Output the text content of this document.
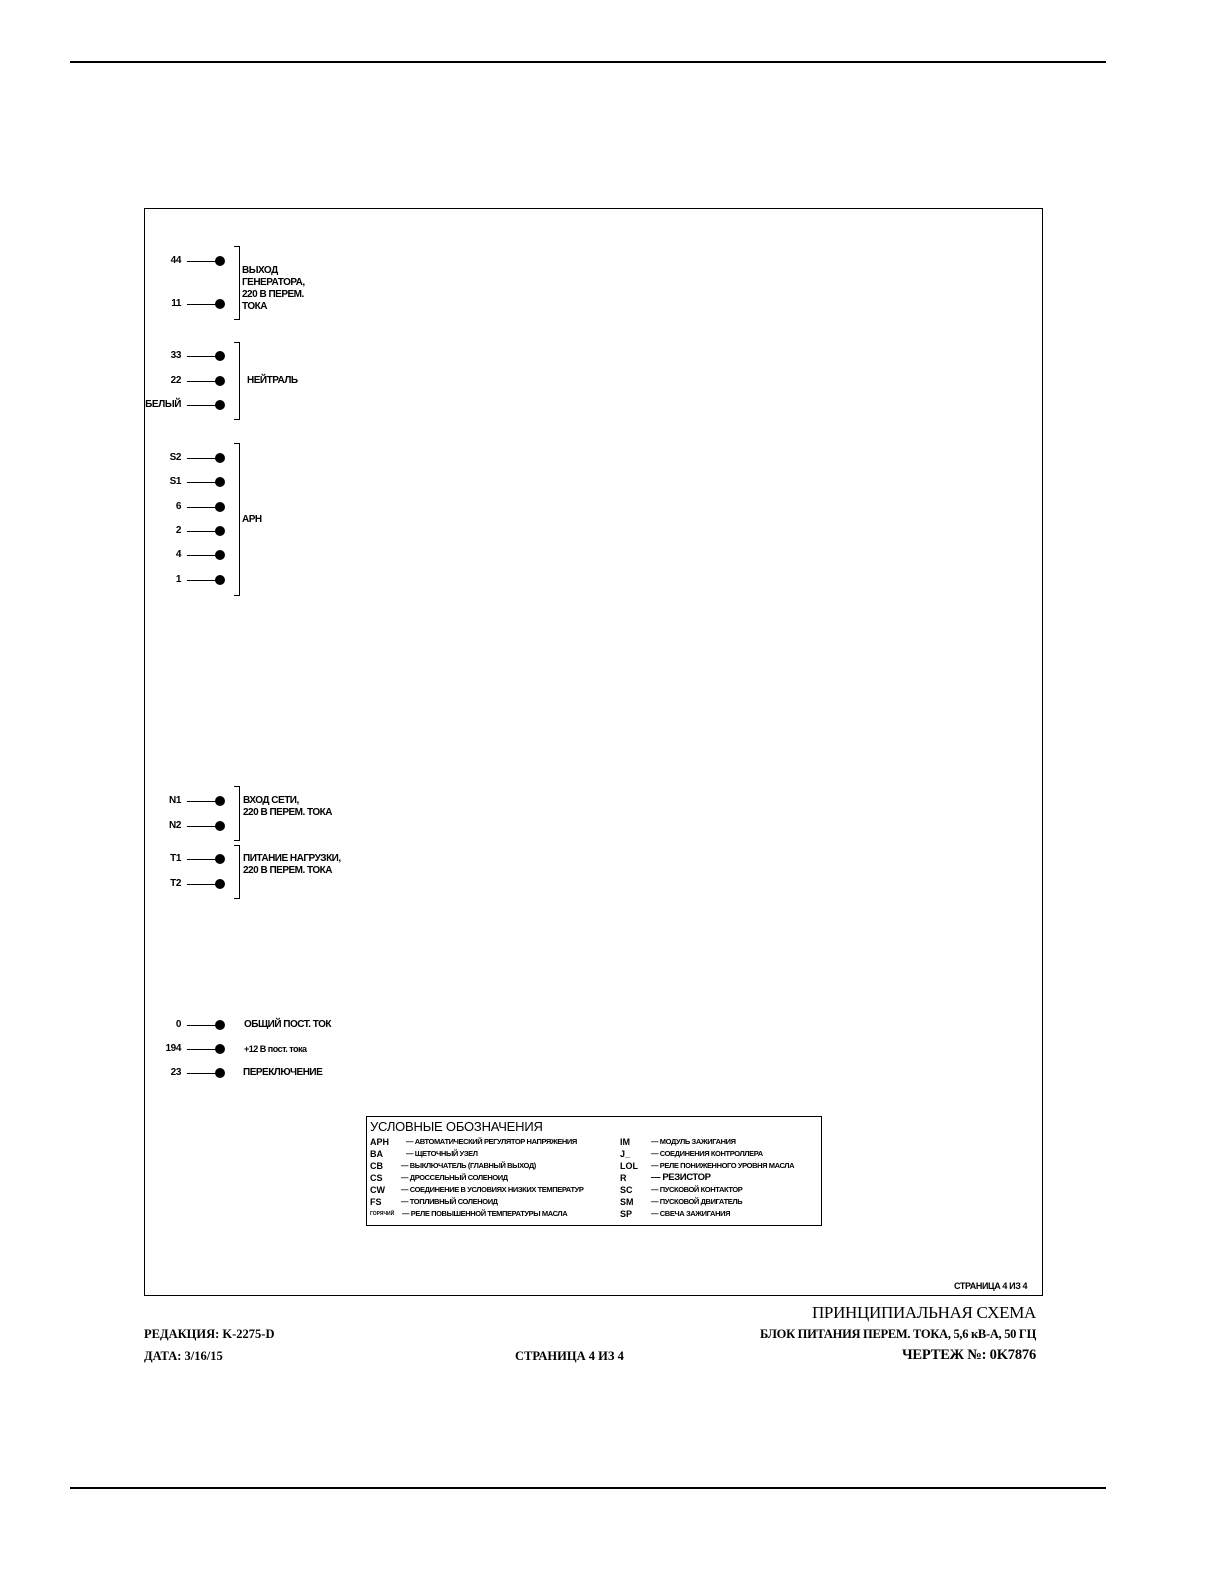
44
11
ВЫХОД
ГЕНЕРАТОРА,
220 В ПЕРЕМ.
ТОКА
33
22
БЕЛЫЙ
НЕЙТРАЛЬ
S2
S1
6
2
4
1
АРН
N1
N2
ВХОД СЕТИ,
220 В ПЕРЕМ. ТОКА
T1
T2
ПИТАНИЕ НАГРУЗКИ,
220 В ПЕРЕМ. ТОКА
0	ОБЩИЙ ПОСТ. ТОК
194	+12 В пост. тока
23	ПЕРЕКЛЮЧЕНИЕ
СТРАНИЦА 4 ИЗ 4
УСЛОВНЫЕ ОБОЗНАЧЕНИЯ
АРН — АВТОМАТИЧЕСКИЙ РЕГУЛЯТОР НАПРЯЖЕНИЯ
BA	— ЩЕТОЧНЫЙ УЗЕЛ
CB — ВЫКЛЮЧАТЕЛЬ (ГЛАВНЫЙ ВЫХОД)
CS — ДРОССЕЛЬНЫЙ СОЛЕНОИД
CW — СОЕДИНЕНИЕ В УСЛОВИЯХ НИЗКИХ ТЕМПЕРАТУР
FS	— ТОПЛИВНЫЙ СОЛЕНОИД
ГОРЯЧИЙ — РЕЛЕ ПОВЫШЕННОЙ ТЕМПЕРАТУРЫ МАСЛА
IM	— МОДУЛЬ ЗАЖИГАНИЯ
J_	— СОЕДИНЕНИЯ КОНТРОЛЛЕРА
LOL — РЕЛЕ ПОНИЖЕННОГО УРОВНЯ МАСЛА
R	— РЕЗИСТОР
SC — ПУСКОВОЙ КОНТАКТОР
SM — ПУСКОВОЙ ДВИГАТЕЛЬ
SP	— СВЕЧА ЗАЖИГАНИЯ
ПРИНЦИПИАЛЬНАЯ СХЕМА
БЛОК ПИТАНИЯ ПЕРЕМ. ТОКА, 5,6 кВ-А, 50 ГЦ
ЧЕРТЕЖ №: 0K7876
РЕДАКЦИЯ: K-2275-D
ДАТА: 3/16/15	СТРАНИЦА 4 ИЗ 4
